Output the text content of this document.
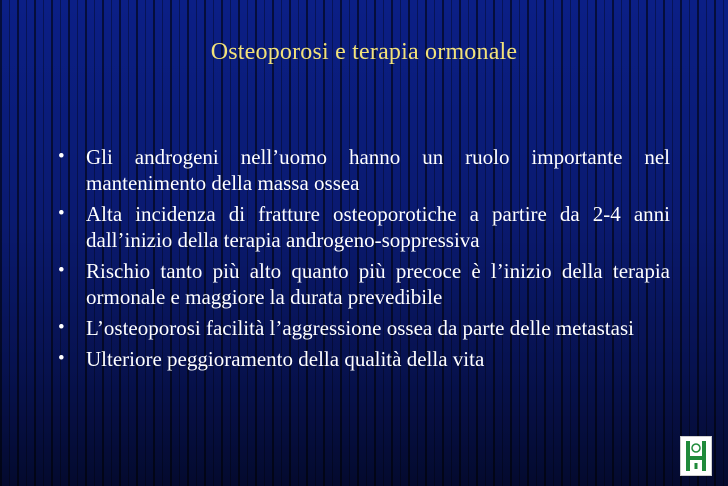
Osteoporosi e terapia ormonale
•	Gli androgeni nell’uomo hanno un ruolo importante nel mantenimento della massa ossea
•	Alta incidenza di fratture osteoporotiche a partire da 2-4 anni dall’inizio della terapia androgeno-soppressiva
•	Rischio tanto più alto quanto più precoce è l’inizio della terapia ormonale e maggiore la durata prevedibile
•	L’osteoporosi facilità l’aggressione ossea da parte delle metastasi
•	Ulteriore peggioramento della qualità della vita
